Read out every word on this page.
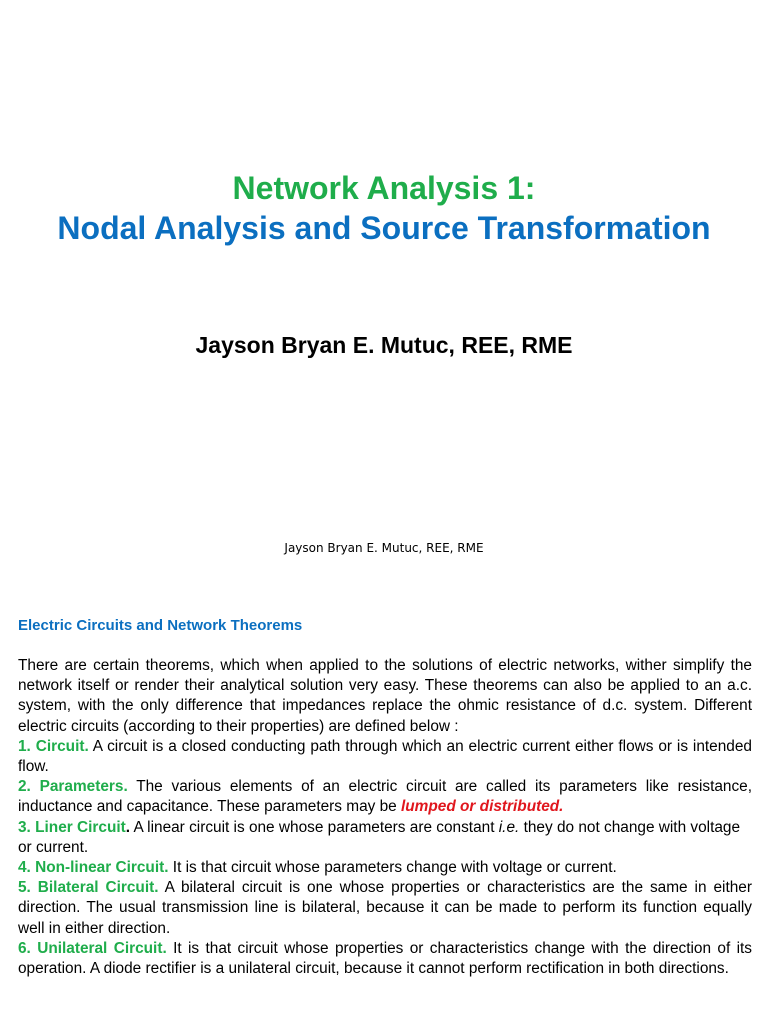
Network Analysis 1:
Nodal Analysis and Source Transformation
Jayson Bryan E. Mutuc, REE, RME
Jayson Bryan E. Mutuc, REE, RME
Electric Circuits and Network Theorems
There are certain theorems, which when applied to the solutions of electric networks, wither simplify the network itself or render their analytical solution very easy. These theorems can also be applied to an a.c. system, with the only difference that impedances replace the ohmic resistance of d.c. system. Different electric circuits (according to their properties) are defined below :
1. Circuit. A circuit is a closed conducting path through which an electric current either flows or is intended flow.
2. Parameters. The various elements of an electric circuit are called its parameters like resistance,
inductance and capacitance. These parameters may be lumped or distributed.
3. Liner Circuit. A linear circuit is one whose parameters are constant i.e. they do not change with voltage or current.
4. Non-linear Circuit. It is that circuit whose parameters change with voltage or current.
5. Bilateral Circuit. A bilateral circuit is one whose properties or characteristics are the same in either direction. The usual transmission line is bilateral, because it can be made to perform its function equally well in either direction.
6. Unilateral Circuit. It is that circuit whose properties or characteristics change with the direction of its operation. A diode rectifier is a unilateral circuit, because it cannot perform rectification in both directions.
